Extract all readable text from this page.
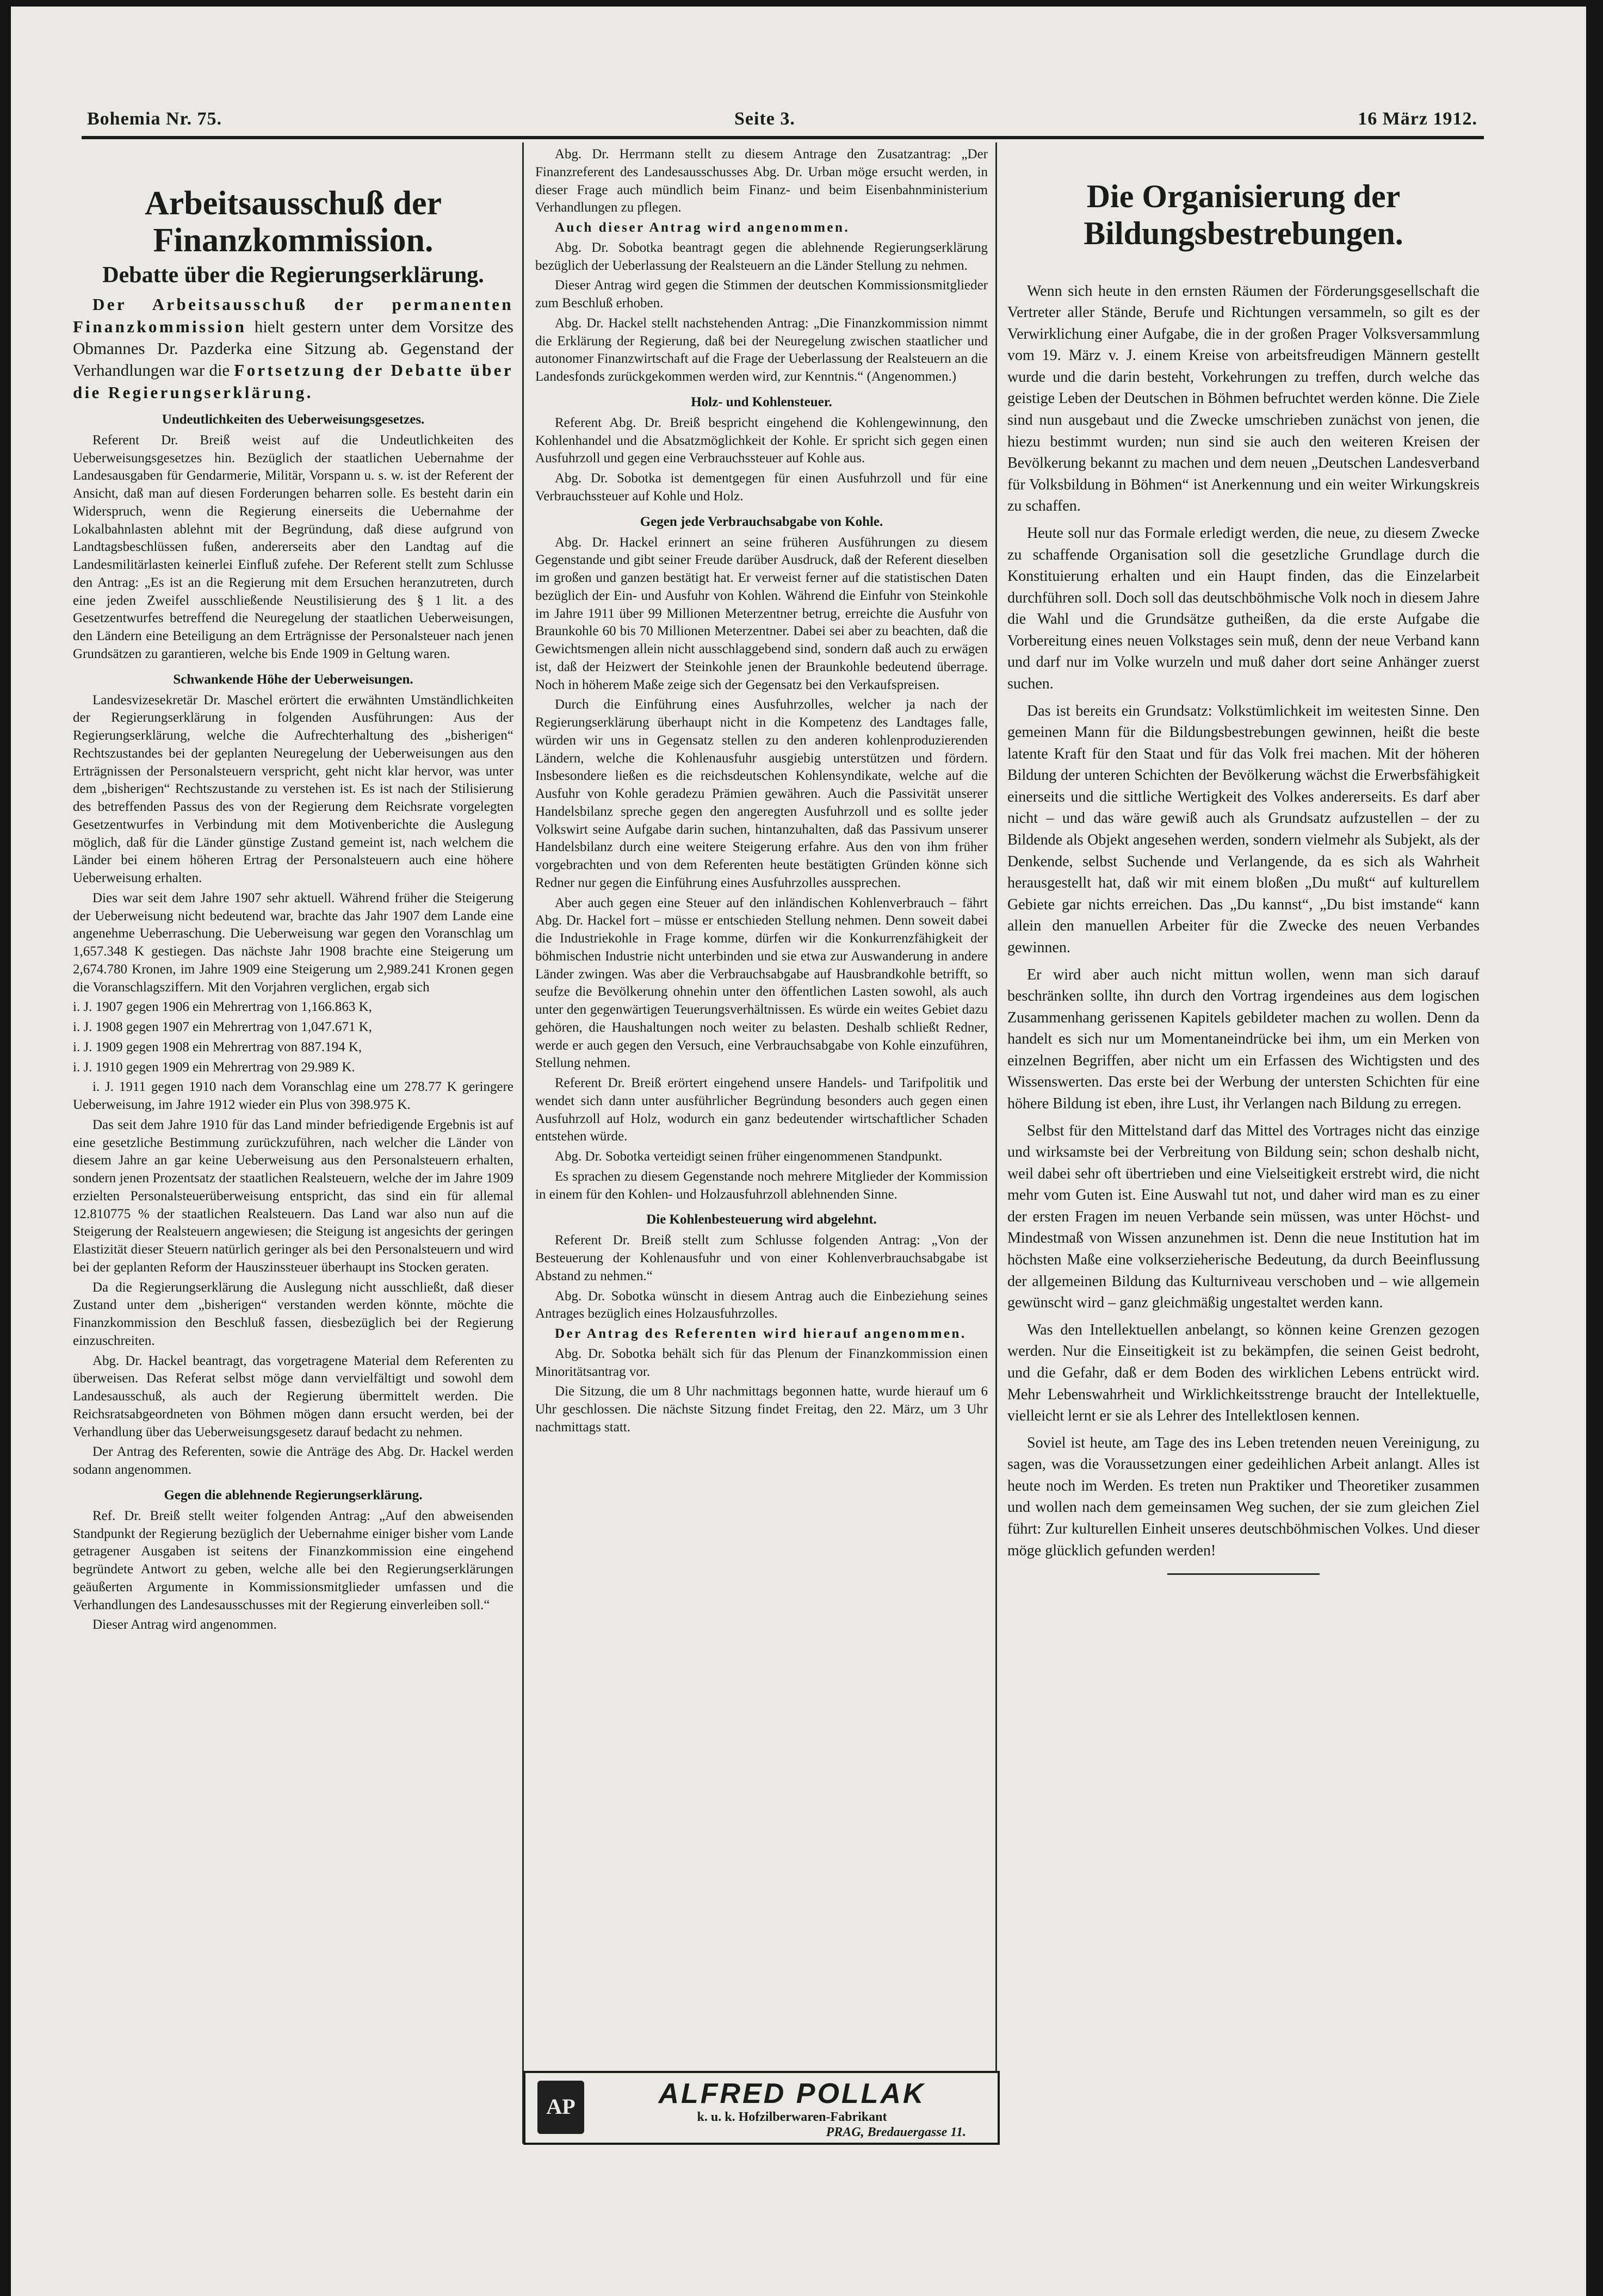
Bohemia Nr. 75.	Seite 3.	16 März 1912.
Arbeitsausschuß der Finanzkommission.
Debatte über die Regierungserklärung.

Der Arbeitsausschuß der permanenten Finanzkommission hielt gestern unter dem Vorsitze des Obmannes Dr. Pazderka eine Sitzung ab. Gegenstand der Verhandlungen war die Fortsetzung der Debatte über die Regierungserklärung.

Undeutlichkeiten des Ueberweisungsgesetzes.

Referent Dr. Breiß weist auf die Undeutlichkeiten des Ueberweisungsgesetzes hin. Bezüglich der staatlichen Uebernahme der Landesausgaben für Gendarmerie, Militär, Vorspann u. s. w. ist der Referent der Ansicht, daß man auf diesen Forderungen beharren solle. Es besteht darin ein Widerspruch, wenn die Regierung einerseits die Uebernahme der Lokalbahnlasten ablehnt mit der Begründung, daß diese aufgrund von Landtagsbeschlüssen fußen, andererseits aber den Landtag auf die Landesmilitärlasten keinerlei Einfluß zufehe. Der Referent stellt zum Schlusse den Antrag: „Es ist an die Regierung mit dem Ersuchen heranzutreten, durch eine jeden Zweifel ausschließende Neustilisierung des § 1 lit. a des Gesetzentwurfes betreffend die Neuregelung der staatlichen Ueberweisungen, den Ländern eine Beteiligung an dem Erträgnisse der Personalsteuer nach jenen Grundsätzen zu garantieren, welche bis Ende 1909 in Geltung waren.

Schwankende Höhe der Ueberweisungen.

Landesvizesekretär Dr. Maschel erörtert die erwähnten Umständlichkeiten der Regierungserklärung in folgenden Ausführungen: Aus der Regierungserklärung, welche die Aufrechterhaltung des „bisherigen“ Rechtszustandes bei der geplanten Neuregelung der Ueberweisungen aus den Erträgnissen der Personalsteuern verspricht, geht nicht klar hervor, was unter dem „bisherigen“ Rechtszustande zu verstehen ist. Es ist nach der Stilisierung des betreffenden Passus des von der Regierung dem Reichsrate vorgelegten Gesetzentwurfes in Verbindung mit dem Motivenberichte die Auslegung möglich, daß für die Länder günstige Zustand gemeint ist, nach welchem die Länder bei einem höheren Ertrag der Personalsteuern auch eine höhere Ueberweisung erhalten.

Dies war seit dem Jahre 1907 sehr aktuell. Während früher die Steigerung der Ueberweisung nicht bedeutend war, brachte das Jahr 1907 dem Lande eine angenehme Ueberraschung. Die Ueberweisung war gegen den Voranschlag um 1,657.348 K gestiegen. Das nächste Jahr 1908 brachte eine Steigerung um 2,674.780 Kronen, im Jahre 1909 eine Steigerung um 2,989.241 Kronen gegen die Voranschlagsziffern. Mit den Vorjahren verglichen, ergab sich

i. J. 1907 gegen 1906 ein Mehrertrag von 1,166.863 K,

i. J. 1908 gegen 1907 ein Mehrertrag von 1,047.671 K,

i. J. 1909 gegen 1908 ein Mehrertrag von 887.194 K,

i. J. 1910 gegen 1909 ein Mehrertrag von 29.989 K.

i. J. 1911 gegen 1910 nach dem Voranschlag eine um 278.77 K geringere Ueberweisung, im Jahre 1912 wieder ein Plus von 398.975 K.

Das seit dem Jahre 1910 für das Land minder befriedigende Ergebnis ist auf eine gesetzliche Bestimmung zurückzuführen, nach welcher die Länder von diesem Jahre an gar keine Ueberweisung aus den Personalsteuern erhalten, sondern jenen Prozentsatz der staatlichen Realsteuern, welche der im Jahre 1909 erzielten Personalsteuerüberweisung entspricht, das sind ein für allemal 12.810775 % der staatlichen Realsteuern. Das Land war also nun auf die Steigerung der Realsteuern angewiesen; die Steigung ist angesichts der geringen Elastizität dieser Steuern natürlich geringer als bei den Personalsteuern und wird bei der geplanten Reform der Hauszinssteuer überhaupt ins Stocken geraten.

Da die Regierungserklärung die Auslegung nicht ausschließt, daß dieser Zustand unter dem „bisherigen“ verstanden werden könnte, möchte die Finanzkommission den Beschluß fassen, diesbezüglich bei der Regierung einzuschreiten.

Abg. Dr. Hackel beantragt, das vorgetragene Material dem Referenten zu überweisen. Das Referat selbst möge dann vervielfältigt und sowohl dem Landesausschuß, als auch der Regierung übermittelt werden. Die Reichsratsabgeordneten von Böhmen mögen dann ersucht werden, bei der Verhandlung über das Ueberweisungsgesetz darauf bedacht zu nehmen.

Der Antrag des Referenten, sowie die Anträge des Abg. Dr. Hackel werden sodann angenommen.

Gegen die ablehnende Regierungserklärung.

Ref. Dr. Breiß stellt weiter folgenden Antrag: „Auf den abweisenden Standpunkt der Regierung bezüglich der Uebernahme einiger bisher vom Lande getragener Ausgaben ist seitens der Finanzkommission eine eingehend begründete Antwort zu geben, welche alle bei den Regierungserklärungen geäußerten Argumente in Kommissionsmitglieder umfassen und die Verhandlungen des Landesausschusses mit der Regierung einverleiben soll.“

Dieser Antrag wird angenommen.

Abg. Dr. Herrmann stellt zu diesem Antrage den Zusatzantrag: „Der Finanzreferent des Landesausschusses Abg. Dr. Urban möge ersucht werden, in dieser Frage auch mündlich beim Finanz- und beim Eisenbahnministerium Verhandlungen zu pflegen.

Auch dieser Antrag wird angenommen.

Abg. Dr. Sobotka beantragt gegen die ablehnende Regierungserklärung bezüglich der Ueberlassung der Realsteuern an die Länder Stellung zu nehmen.

Dieser Antrag wird gegen die Stimmen der deutschen Kommissionsmitglieder zum Beschluß erhoben.

Abg. Dr. Hackel stellt nachstehenden Antrag: „Die Finanzkommission nimmt die Erklärung der Regierung, daß bei der Neuregelung zwischen staatlicher und autonomer Finanzwirtschaft auf die Frage der Ueberlassung der Realsteuern an die Landesfonds zurückgekommen werden wird, zur Kenntnis.“ (Angenommen.)

Holz- und Kohlensteuer.

Referent Abg. Dr. Breiß bespricht eingehend die Kohlengewinnung, den Kohlenhandel und die Absatzmöglichkeit der Kohle. Er spricht sich gegen einen Ausfuhrzoll und gegen eine Verbrauchssteuer auf Kohle aus.

Abg. Dr. Sobotka ist dementgegen für einen Ausfuhrzoll und für eine Verbrauchssteuer auf Kohle und Holz.

Gegen jede Verbrauchsabgabe von Kohle.

Abg. Dr. Hackel erinnert an seine früheren Ausführungen zu diesem Gegenstande und gibt seiner Freude darüber Ausdruck, daß der Referent dieselben im großen und ganzen bestätigt hat. Er verweist ferner auf die statistischen Daten bezüglich der Ein- und Ausfuhr von Kohlen. Während die Einfuhr von Steinkohle im Jahre 1911 über 99 Millionen Meterzentner betrug, erreichte die Ausfuhr von Braunkohle 60 bis 70 Millionen Meterzentner. Dabei sei aber zu beachten, daß die Gewichtsmengen allein nicht ausschlaggebend sind, sondern daß auch zu erwägen ist, daß der Heizwert der Steinkohle jenen der Braunkohle bedeutend überrage. Noch in höherem Maße zeige sich der Gegensatz bei den Verkaufspreisen.

Durch die Einführung eines Ausfuhrzolles, welcher ja nach der Regierungserklärung überhaupt nicht in die Kompetenz des Landtages falle, würden wir uns in Gegensatz stellen zu den anderen kohlenproduzierenden Ländern, welche die Kohlenausfuhr ausgiebig unterstützen und fördern. Insbesondere ließen es die reichsdeutschen Kohlensyndikate, welche auf die Ausfuhr von Kohle geradezu Prämien gewähren. Auch die Passivität unserer Handelsbilanz spreche gegen den angeregten Ausfuhrzoll und es sollte jeder Volkswirt seine Aufgabe darin suchen, hintanzuhalten, daß das Passivum unserer Handelsbilanz durch eine weitere Steigerung erfahre. Aus den von ihm früher vorgebrachten und von dem Referenten heute bestätigten Gründen könne sich Redner nur gegen die Einführung eines Ausfuhrzolles aussprechen.

Aber auch gegen eine Steuer auf den inländischen Kohlenverbrauch – fährt Abg. Dr. Hackel fort – müsse er entschieden Stellung nehmen. Denn soweit dabei die Industriekohle in Frage komme, dürfen wir die Konkurrenzfähigkeit der böhmischen Industrie nicht unterbinden und sie etwa zur Auswanderung in andere Länder zwingen. Was aber die Verbrauchsabgabe auf Hausbrandkohle betrifft, so seufze die Bevölkerung ohnehin unter den öffentlichen Lasten sowohl, als auch unter den gegenwärtigen Teuerungsverhältnissen. Es würde ein weites Gebiet dazu gehören, die Haushaltungen noch weiter zu belasten. Deshalb schließt Redner, werde er auch gegen den Versuch, eine Verbrauchsabgabe von Kohle einzuführen, Stellung nehmen.

Referent Dr. Breiß erörtert eingehend unsere Handels- und Tarifpolitik und wendet sich dann unter ausführlicher Begründung besonders auch gegen einen Ausfuhrzoll auf Holz, wodurch ein ganz bedeutender wirtschaftlicher Schaden entstehen würde.

Abg. Dr. Sobotka verteidigt seinen früher eingenommenen Standpunkt.

Es sprachen zu diesem Gegenstande noch mehrere Mitglieder der Kommission in einem für den Kohlen- und Holzausfuhrzoll ablehnenden Sinne.

Die Kohlenbesteuerung wird abgelehnt.

Referent Dr. Breiß stellt zum Schlusse folgenden Antrag: „Von der Besteuerung der Kohlenausfuhr und von einer Kohlenverbrauchsabgabe ist Abstand zu nehmen.“

Abg. Dr. Sobotka wünscht in diesem Antrag auch die Einbeziehung seines Antrages bezüglich eines Holzausfuhrzolles.

Der Antrag des Referenten wird hierauf angenommen.

Abg. Dr. Sobotka behält sich für das Plenum der Finanzkommission einen Minoritätsantrag vor.

Die Sitzung, die um 8 Uhr nachmittags begonnen hatte, wurde hierauf um 6 Uhr geschlossen. Die nächste Sitzung findet Freitag, den 22. März, um 3 Uhr nachmittags statt.

AP	ALFRED POLLAK
k. u. k. Hofzilberwaren-Fabrikant
PRAG, Bredauergasse 11.
Die Organisierung der Bildungsbestrebungen.

Wenn sich heute in den ernsten Räumen der Förderungsgesellschaft die Vertreter aller Stände, Berufe und Richtungen versammeln, so gilt es der Verwirklichung einer Aufgabe, die in der großen Prager Volksversammlung vom 19. März v. J. einem Kreise von arbeitsfreudigen Männern gestellt wurde und die darin besteht, Vorkehrungen zu treffen, durch welche das geistige Leben der Deutschen in Böhmen befruchtet werden könne. Die Ziele sind nun ausgebaut und die Zwecke umschrieben zunächst von jenen, die hiezu bestimmt wurden; nun sind sie auch den weiteren Kreisen der Bevölkerung bekannt zu machen und dem neuen „Deutschen Landesverband für Volksbildung in Böhmen“ ist Anerkennung und ein weiter Wirkungskreis zu schaffen.

Heute soll nur das Formale erledigt werden, die neue, zu diesem Zwecke zu schaffende Organisation soll die gesetzliche Grundlage durch die Konstituierung erhalten und ein Haupt finden, das die Einzelarbeit durchführen soll. Doch soll das deutschböhmische Volk noch in diesem Jahre die Wahl und die Grundsätze gutheißen, da die erste Aufgabe die Vorbereitung eines neuen Volkstages sein muß, denn der neue Verband kann und darf nur im Volke wurzeln und muß daher dort seine Anhänger zuerst suchen.

Das ist bereits ein Grundsatz: Volkstümlichkeit im weitesten Sinne. Den gemeinen Mann für die Bildungsbestrebungen gewinnen, heißt die beste latente Kraft für den Staat und für das Volk frei machen. Mit der höheren Bildung der unteren Schichten der Bevölkerung wächst die Erwerbsfähigkeit einerseits und die sittliche Wertigkeit des Volkes andererseits. Es darf aber nicht – und das wäre gewiß auch als Grundsatz aufzustellen – der zu Bildende als Objekt angesehen werden, sondern vielmehr als Subjekt, als der Denkende, selbst Suchende und Verlangende, da es sich als Wahrheit herausgestellt hat, daß wir mit einem bloßen „Du mußt“ auf kulturellem Gebiete gar nichts erreichen. Das „Du kannst“, „Du bist imstande“ kann allein den manuellen Arbeiter für die Zwecke des neuen Verbandes gewinnen.

Er wird aber auch nicht mittun wollen, wenn man sich darauf beschränken sollte, ihn durch den Vortrag irgendeines aus dem logischen Zusammenhang gerissenen Kapitels gebildeter machen zu wollen. Denn da handelt es sich nur um Momentaneindrücke bei ihm, um ein Merken von einzelnen Begriffen, aber nicht um ein Erfassen des Wichtigsten und des Wissenswerten. Das erste bei der Werbung der untersten Schichten für eine höhere Bildung ist eben, ihre Lust, ihr Verlangen nach Bildung zu erregen.

Selbst für den Mittelstand darf das Mittel des Vortrages nicht das einzige und wirksamste bei der Verbreitung von Bildung sein; schon deshalb nicht, weil dabei sehr oft übertrieben und eine Vielseitigkeit erstrebt wird, die nicht mehr vom Guten ist. Eine Auswahl tut not, und daher wird man es zu einer der ersten Fragen im neuen Verbande sein müssen, was unter Höchst- und Mindestmaß von Wissen anzunehmen ist. Denn die neue Institution hat im höchsten Maße eine volkserzieherische Bedeutung, da durch Beeinflussung der allgemeinen Bildung das Kulturniveau verschoben und – wie allgemein gewünscht wird – ganz gleichmäßig ungestaltet werden kann.

Was den Intellektuellen anbelangt, so können keine Grenzen gezogen werden. Nur die Einseitigkeit ist zu bekämpfen, die seinen Geist bedroht, und die Gefahr, daß er dem Boden des wirklichen Lebens entrückt wird. Mehr Lebenswahrheit und Wirklichkeitsstrenge braucht der Intellektuelle, vielleicht lernt er sie als Lehrer des Intellektlosen kennen.

Soviel ist heute, am Tage des ins Leben tretenden neuen Vereinigung, zu sagen, was die Voraussetzungen einer gedeihlichen Arbeit anlangt. Alles ist heute noch im Werden. Es treten nun Praktiker und Theoretiker zusammen und wollen nach dem gemeinsamen Weg suchen, der sie zum gleichen Ziel führt: Zur kulturellen Einheit unseres deutschböhmischen Volkes. Und dieser möge glücklich gefunden werden!
